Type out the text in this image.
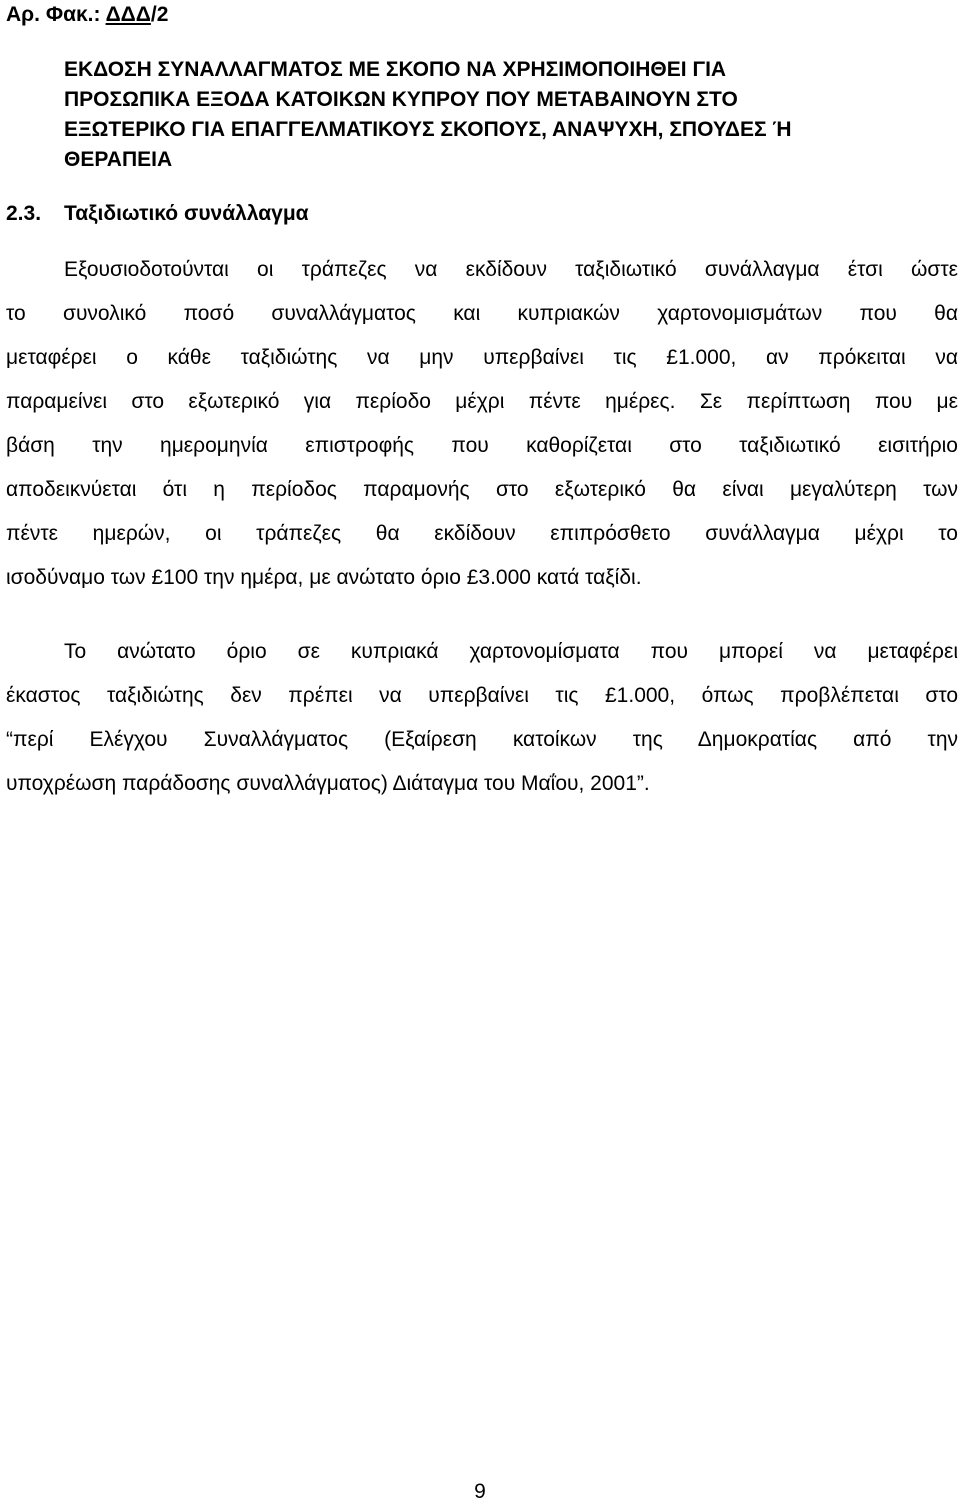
Αρ. Φακ.: ΔΔΔ/2
ΕΚΔΟΣΗ ΣΥΝΑΛΛΑΓΜΑΤΟΣ ΜΕ ΣΚΟΠΟ ΝΑ ΧΡΗΣΙΜΟΠΟΙΗΘΕΙ ΓΙΑ
ΠΡΟΣΩΠΙΚΑ ΕΞΟΔΑ ΚΑΤΟΙΚΩΝ ΚΥΠΡΟΥ ΠΟΥ ΜΕΤΑΒΑΙΝΟΥΝ ΣΤΟ
ΕΞΩΤΕΡΙΚΟ ΓΙΑ ΕΠΑΓΓΕΛΜΑΤΙΚΟΥΣ ΣΚΟΠΟΥΣ, ΑΝΑΨΥΧΗ, ΣΠΟΥΔΕΣ Ή
ΘΕΡΑΠΕΙΑ
2.3. Ταξιδιωτικό συνάλλαγμα
Εξουσιοδοτούνται οι τράπεζες να εκδίδουν ταξιδιωτικό συνάλλαγμα έτσι ώστε
το συνολικό ποσό συναλλάγματος και κυπριακών χαρτονομισμάτων που θα
μεταφέρει ο κάθε ταξιδιώτης να μην υπερβαίνει τις £1.000, αν πρόκειται να
παραμείνει στο εξωτερικό για περίοδο μέχρι πέντε ημέρες. Σε περίπτωση που με
βάση την ημερομηνία επιστροφής που καθορίζεται στο ταξιδιωτικό εισιτήριο
αποδεικνύεται ότι η περίοδος παραμονής στο εξωτερικό θα είναι μεγαλύτερη των
πέντε ημερών, οι τράπεζες θα εκδίδουν επιπρόσθετο συνάλλαγμα μέχρι το
ισοδύναμο των £100 την ημέρα, με ανώτατο όριο £3.000 κατά ταξίδι.
Το ανώτατο όριο σε κυπριακά χαρτονομίσματα που μπορεί να μεταφέρει
έκαστος ταξιδιώτης δεν πρέπει να υπερβαίνει τις £1.000, όπως προβλέπεται στο
“περί Ελέγχου Συναλλάγματος (Εξαίρεση κατοίκων της Δημοκρατίας από την
υποχρέωση παράδοσης συναλλάγματος) Διάταγμα του Μαΐου, 2001”.
9
